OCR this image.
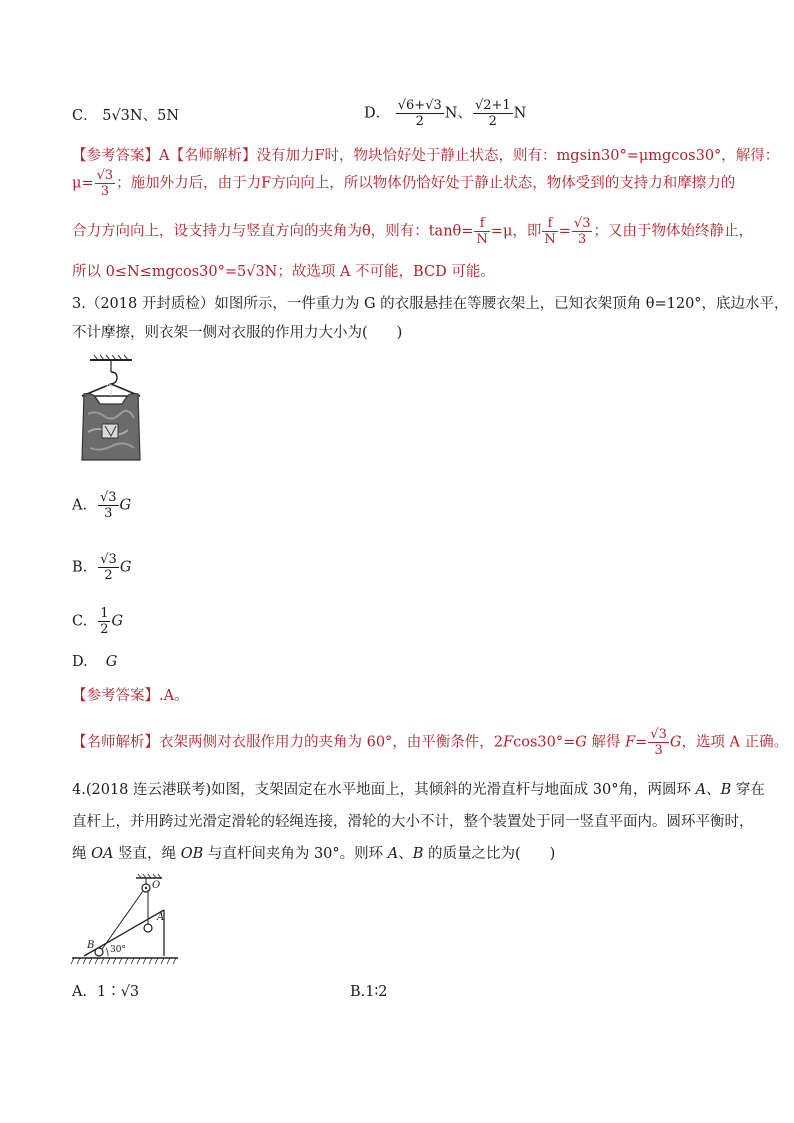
C． 5√3N、5N	D． $\frac{√6+√3}{2}$ N、 $\frac{√2+1}{2}$ N
【参考答案】A【名师解析】没有加力F时，物块恰好处于静止状态，则有：mgsin30°=μmgcos30°，解得：
$\mu= \frac{√3}{3}$ ；施加外力后，由于力F方向向上，所以物体仍恰好处于静止状态，物体受到的支持力和摩擦力的
合力方向向上，设支持力与竖直方向的夹角为θ，则有：$\tan\theta= \frac{f}{N} =\mu$，即 $\frac{f}{N} = \frac{√3}{3}$ ；又由于物体始终静止，
所以 0≤N≤mgcos30°=5√3N；故选项 A 不可能，BCD 可能。
3.（2018 开封质检）如图所示，一件重力为 G 的衣服悬挂在等腰衣架上，已知衣架顶角 θ=120°，底边水平，
不计摩擦，则衣架一侧对衣服的作用力大小为(　　)
θ
A． $\frac{√3}{3}$ G
B. $\frac{√3}{2}$ G
C. $\frac{1}{2}$ G
D. G
【参考答案】.A。
【名师解析】衣架两侧对衣服作用力的夹角为 60°，由平衡条件，2Fcos30°=G 解得 $F= \frac{√3}{3}$ G，选项 A 正确。
4.(2018 连云港联考)如图，支架固定在水平地面上，其倾斜的光滑直杆与地面成 30°角，两圆环 A、B 穿在
直杆上，并用跨过光滑定滑轮的轻绳连接，滑轮的大小不计，整个装置处于同一竖直平面内。圆环平衡时，
绳 OA 竖直，绳 OB 与直杆间夹角为 30°。则环 A、B 的质量之比为(　　)
O
A
B 30°
A．1∶√3	B.1∶2
